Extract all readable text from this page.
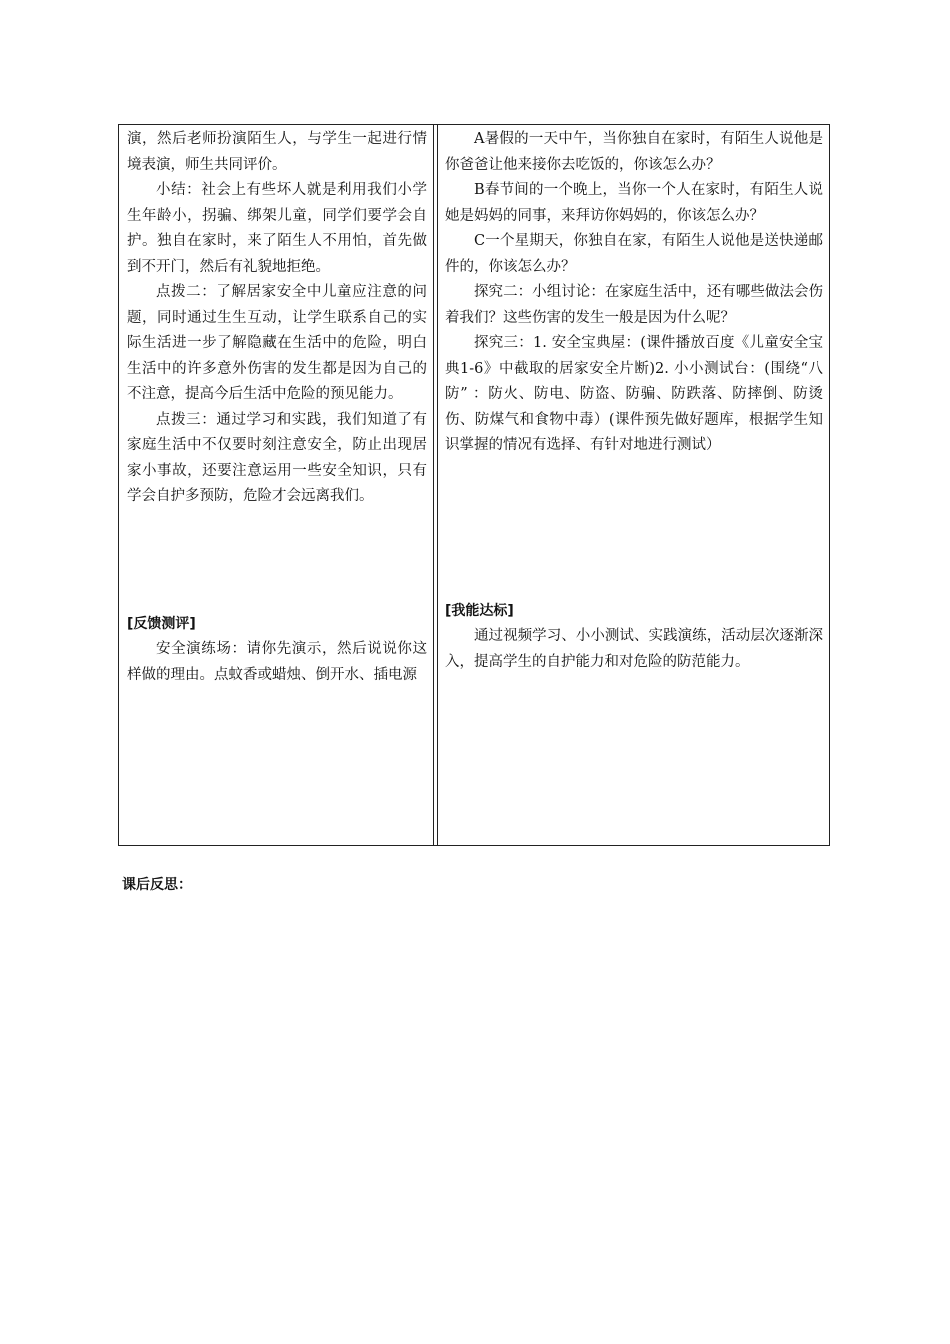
演，然后老师扮演陌生人，与学生一起进行情境表演，师生共同评价。

小结：社会上有些坏人就是利用我们小学生年龄小，拐骗、绑架儿童，同学们要学会自护。独自在家时，来了陌生人不用怕，首先做到不开门，然后有礼貌地拒绝。

点拨二：了解居家安全中儿童应注意的问题，同时通过生生互动，让学生联系自己的实际生活进一步了解隐藏在生活中的危险，明白生活中的许多意外伤害的发生都是因为自己的不注意，提高今后生活中危险的预见能力。

点拨三：通过学习和实践，我们知道了有家庭生活中不仅要时刻注意安全，防止出现居家小事故，还要注意运用一些安全知识，只有学会自护多预防，危险才会远离我们。

[反馈测评]

安全演练场：请你先演示，然后说说你这样做的理由。点蚊香或蜡烛、倒开水、插电源

A暑假的一天中午，当你独自在家时，有陌生人说他是你爸爸让他来接你去吃饭的，你该怎么办？

B春节间的一个晚上，当你一个人在家时，有陌生人说她是妈妈的同事，来拜访你妈妈的，你该怎么办？

C一个星期天，你独自在家，有陌生人说他是送快递邮件的，你该怎么办？

探究二：小组讨论：在家庭生活中，还有哪些做法会伤着我们？这些伤害的发生一般是因为什么呢？

探究三：1. 安全宝典屋：(课件播放百度《儿童安全宝典1-6》中截取的居家安全片断)2. 小小测试台：(围绕“八防” ：防火、防电、防盗、防骗、防跌落、防摔倒、防烫伤、防煤气和食物中毒）(课件预先做好题库，根据学生知识掌握的情况有选择、有针对地进行测试）

[我能达标]

通过视频学习、小小测试、实践演练，活动层次逐渐深入，提高学生的自护能力和对危险的防范能力。

课后反思：
